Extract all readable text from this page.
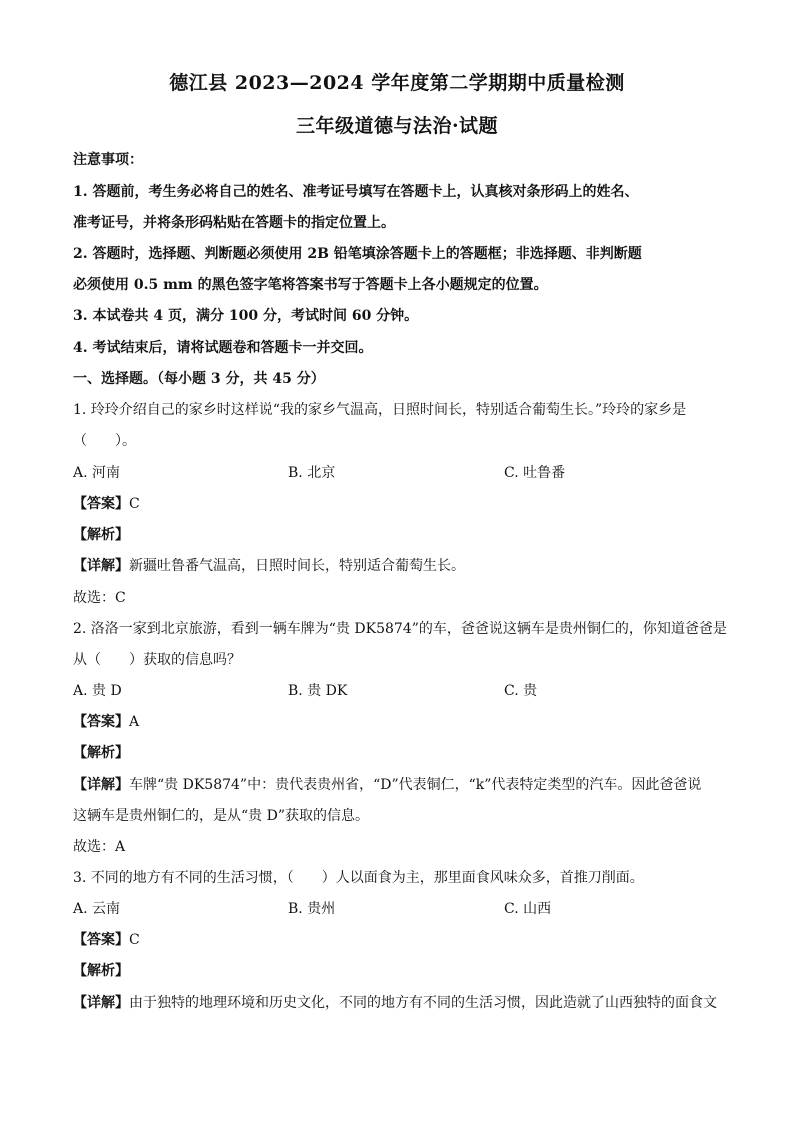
德江县 2023—2024 学年度第二学期期中质量检测
三年级道德与法治·试题
注意事项：
1. 答题前，考生务必将自己的姓名、准考证号填写在答题卡上，认真核对条形码上的姓名、
准考证号，并将条形码粘贴在答题卡的指定位置上。
2. 答题时，选择题、判断题必须使用 2B 铅笔填涂答题卡上的答题框；非选择题、非判断题
必须使用 0.5 mm 的黑色签字笔将答案书写于答题卡上各小题规定的位置。
3. 本试卷共 4 页，满分 100 分，考试时间 60 分钟。
4. 考试结束后，请将试题卷和答题卡一并交回。
一、选择题。（每小题 3 分，共 45 分）
1. 玲玲介绍自己的家乡时这样说“我的家乡气温高，日照时间长，特别适合葡萄生长。”玲玲的家乡是
（　　）。
A. 河南	B. 北京	C. 吐鲁番
【答案】C
【解析】
【详解】新疆吐鲁番气温高，日照时间长，特别适合葡萄生长。
故选：C
2. 洛洛一家到北京旅游，看到一辆车牌为“贵 DK5874”的车，爸爸说这辆车是贵州铜仁的，你知道爸爸是
从（　　）获取的信息吗？
A. 贵 D	B. 贵 DK	C. 贵
【答案】A
【解析】
【详解】车牌“贵 DK5874”中：贵代表贵州省，“D”代表铜仁，“k”代表特定类型的汽车。因此爸爸说
这辆车是贵州铜仁的，是从“贵 D”获取的信息。
故选：A
3. 不同的地方有不同的生活习惯，（　　）人以面食为主，那里面食风味众多，首推刀削面。
A. 云南	B. 贵州	C. 山西
【答案】C
【解析】
【详解】由于独特的地理环境和历史文化，不同的地方有不同的生活习惯，因此造就了山西独特的面食文
